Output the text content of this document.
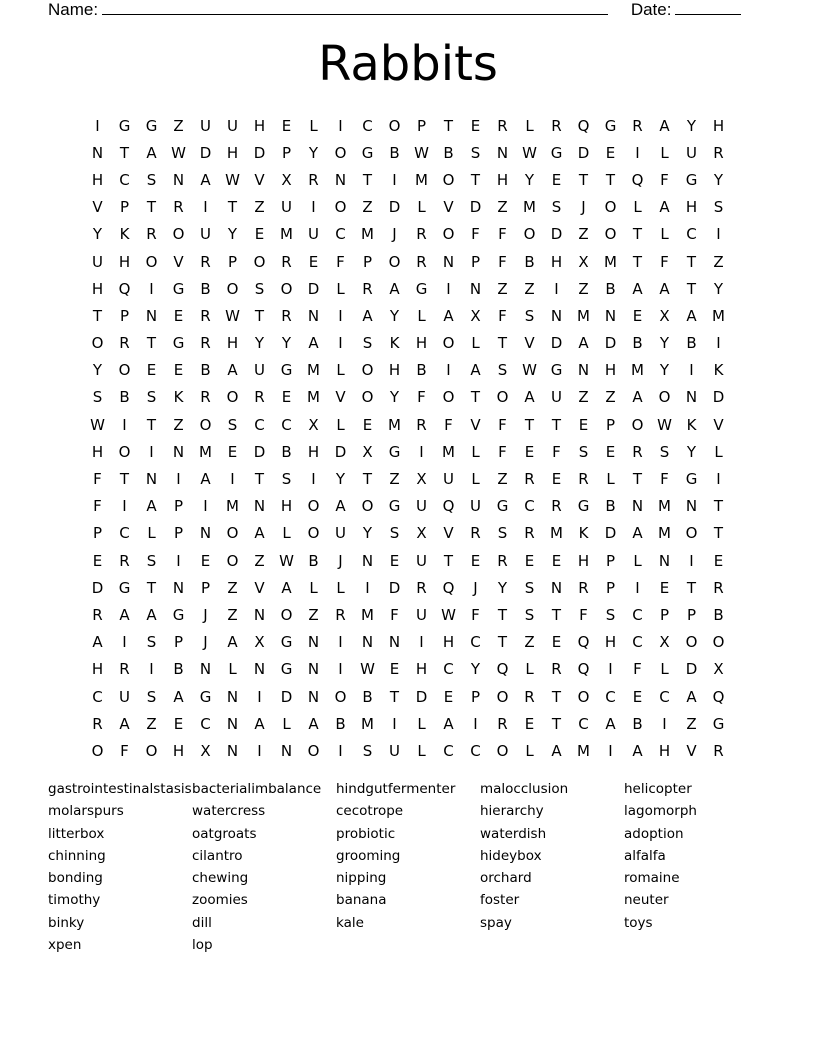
Name:	Date:
Rabbits
I	G	G	Z	U	U	H	E	L	I	C	O	P	T	E	R	L	R	Q	G	R	A	Y	H
N	T	A W D	H	D	P	Y	O	G	B W B	S	N W G	D	E	I	L	U	R
H	C	S	N	A W V	X	R	N	T	I	M O	T	H	Y	E	T	T	Q	F	G	Y
V	P	T	R	I	T	Z	U	I	O	Z	D	L	V	D	Z	M	S	J	O	L	A	H	S
Y	K	R	O	U	Y	E	M	U	C	M	J	R	O	F	F	O	D	Z	O	T	L	C	I
U	H	O	V	R	P	O	R	E	F	P	O	R	N	P	F	B	H	X	M	T	F	T	Z
H	Q	I	G	B	O	S	O	D	L	R	A	G	I	N	Z	Z	I	Z	B	A	A	T	Y
T	P	N	E	R W T	R	N	I	A	Y	L	A	X	F	S	N M N	E	X	A	M
O	R	T	G	R	H	Y	Y	A	I	S	K	H	O	L	T	V	D	A	D	B	Y	B	I
Y	O	E	E	B	A	U	G M	L	O	H	B	I	A	S W G	N	H M	Y	I	K
S	B	S	K	R	O	R	E	M	V	O	Y	F	O	T	O	A	U	Z	Z	A	O	N	D
W	I	T	Z	O	S	C	C	X	L	E	M	R	F	V	F	T	T	E	P	O W K	V
H	O	I	N M	E	D	B	H	D	X	G	I	M	L	F	E	F	S	E	R	S	Y	L
F	T	N	I	A	I	T	S	I	Y	T	Z	X	U	L	Z	R	E	R	L	T	F	G	I
F	I	A	P	I	M N	H	O	A	O	G	U	Q	U	G	C	R	G	B	N M N	T
P	C	L	P	N	O	A	L	O	U	Y	S	X	V	R	S	R	M	K	D	A	M O	T
E	R	S	I	E	O	Z W B	J	N	E	U	T	E	R	E	E	H	P	L	N	I	E
D	G	T	N	P	Z	V	A	L	L	I	D	R	Q	J	Y	S	N	R	P	I	E	T	R
R	A	A	G	J	Z	N	O	Z	R	M	F	U W	F	T	S	T	F	S	C	P	P	B
A	I	S	P	J	A	X	G	N	I	N	N	I	H	C	T	Z	E	Q	H	C	X	O	O
H	R	I	B	N	L	N	G	N	I	W E	H	C	Y	Q	L	R	Q	I	F	L	D	X
C	U	S	A	G	N	I	D	N	O	B	T	D	E	P	O	R	T	O	C	E	C	A	Q
R	A	Z	E	C	N	A	L	A	B	M	I	L	A	I	R	E	T	C	A	B	I	Z	G
O	F	O	H	X	N	I	N	O	I	S	U	L	C	C	O	L	A	M	I	A	H	V	R
gastrointestinalstasis
molarspurs
litterbox
chinning
bonding
timothy
binky
xpen
bacterialimbalance
watercress
oatgroats
cilantro
chewing
zoomies
dill
lop
hindgutfermenter
cecotrope
probiotic
grooming
nipping
banana
kale
malocclusion
hierarchy
waterdish
hideybox
orchard
foster
spay
helicopter
lagomorph
adoption
alfalfa
romaine
neuter
toys
